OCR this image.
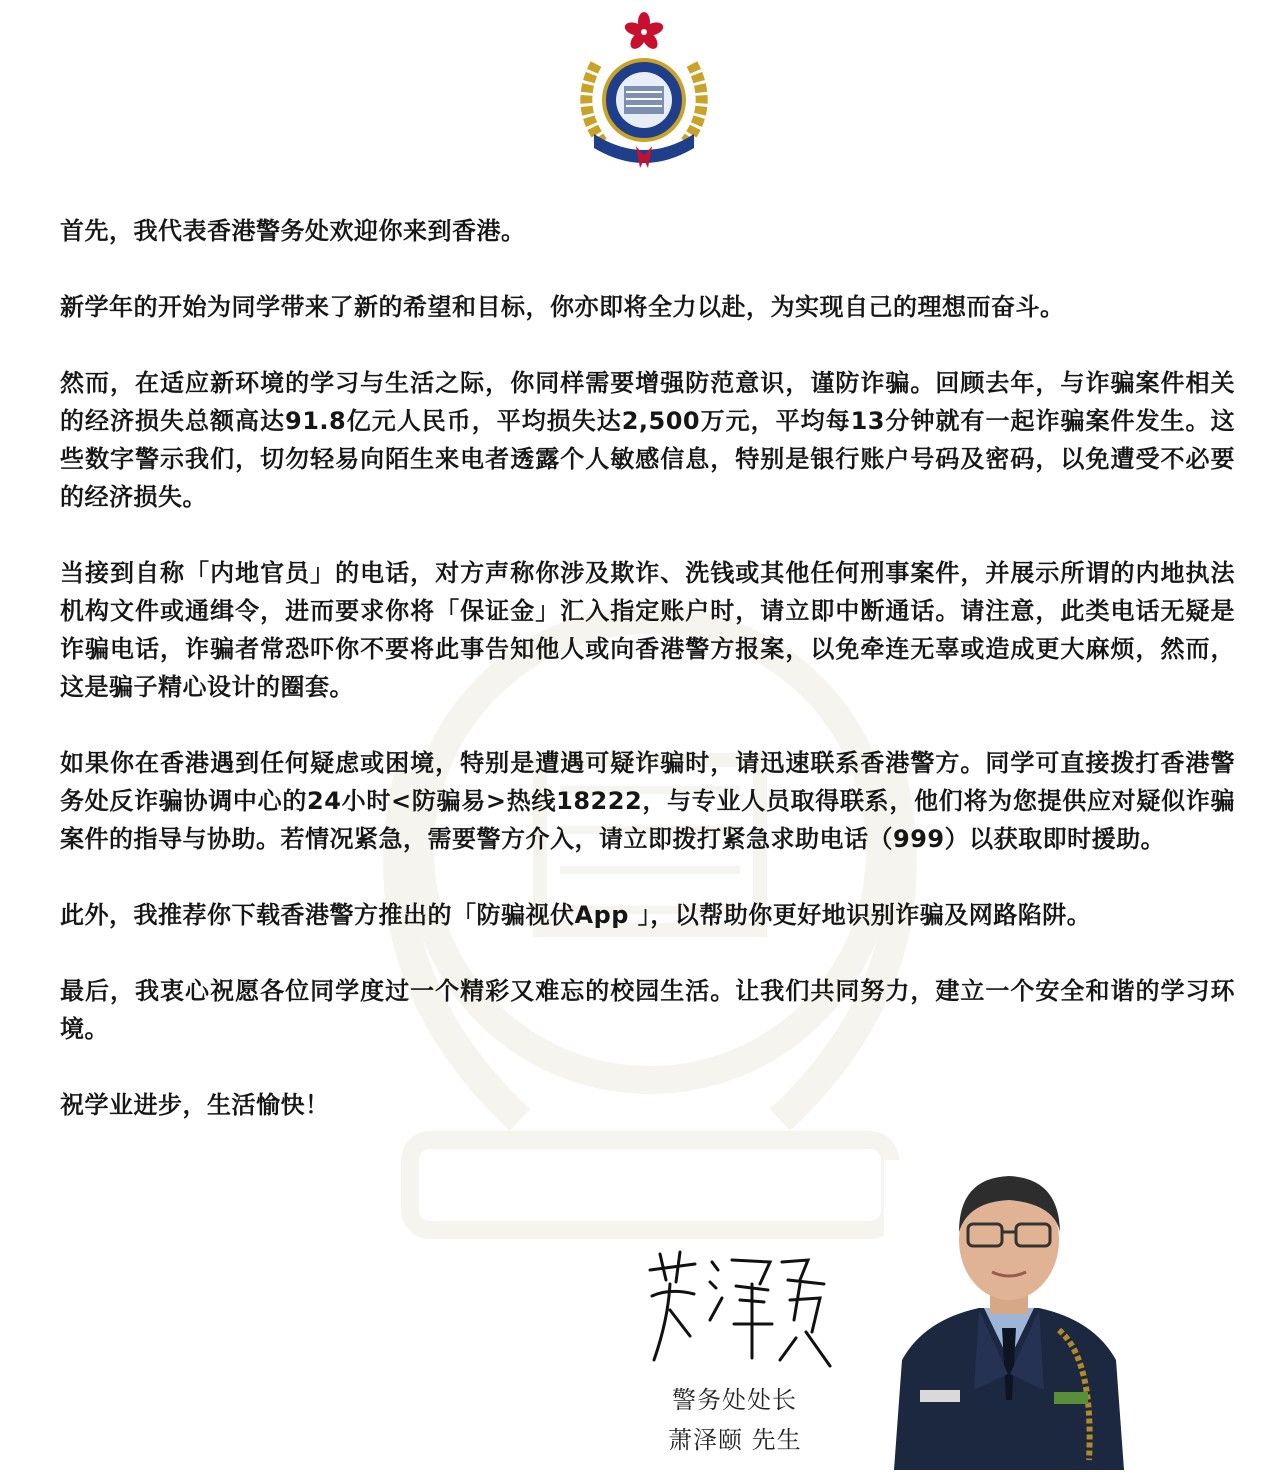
首先，我代表香港警务处欢迎你来到香港。

新学年的开始为同学带来了新的希望和目标，你亦即将全力以赴，为实现自己的理想而奋斗。

然而，在适应新环境的学习与生活之际，你同样需要增强防范意识，谨防诈骗。回顾去年，与诈骗案件相关的经济损失总额高达91.8亿元人民币，平均损失达2,500万元，平均每13分钟就有一起诈骗案件发生。这些数字警示我们，切勿轻易向陌生来电者透露个人敏感信息，特别是银行账户号码及密码，以免遭受不必要的经济损失。

当接到自称「内地官员」的电话，对方声称你涉及欺诈、洗钱或其他任何刑事案件，并展示所谓的内地执法机构文件或通缉令，进而要求你将「保证金」汇入指定账户时，请立即中断通话。请注意，此类电话无疑是诈骗电话，诈骗者常恐吓你不要将此事告知他人或向香港警方报案，以免牵连无辜或造成更大麻烦，然而，这是骗子精心设计的圈套。

如果你在香港遇到任何疑虑或困境，特别是遭遇可疑诈骗时，请迅速联系香港警方。同学可直接拨打香港警务处反诈骗协调中心的24小时<防骗易>热线18222，与专业人员取得联系，他们将为您提供应对疑似诈骗案件的指导与协助。若情况紧急，需要警方介入，请立即拨打紧急求助电话（999）以获取即时援助。

此外，我推荐你下载香港警方推出的「防骗视伏App 」，以帮助你更好地识别诈骗及网路陷阱。

最后，我衷心祝愿各位同学度过一个精彩又难忘的校园生活。让我们共同努力，建立一个安全和谐的学习环境。

祝学业进步，生活愉快！

警务处处长
萧泽颐 先生
